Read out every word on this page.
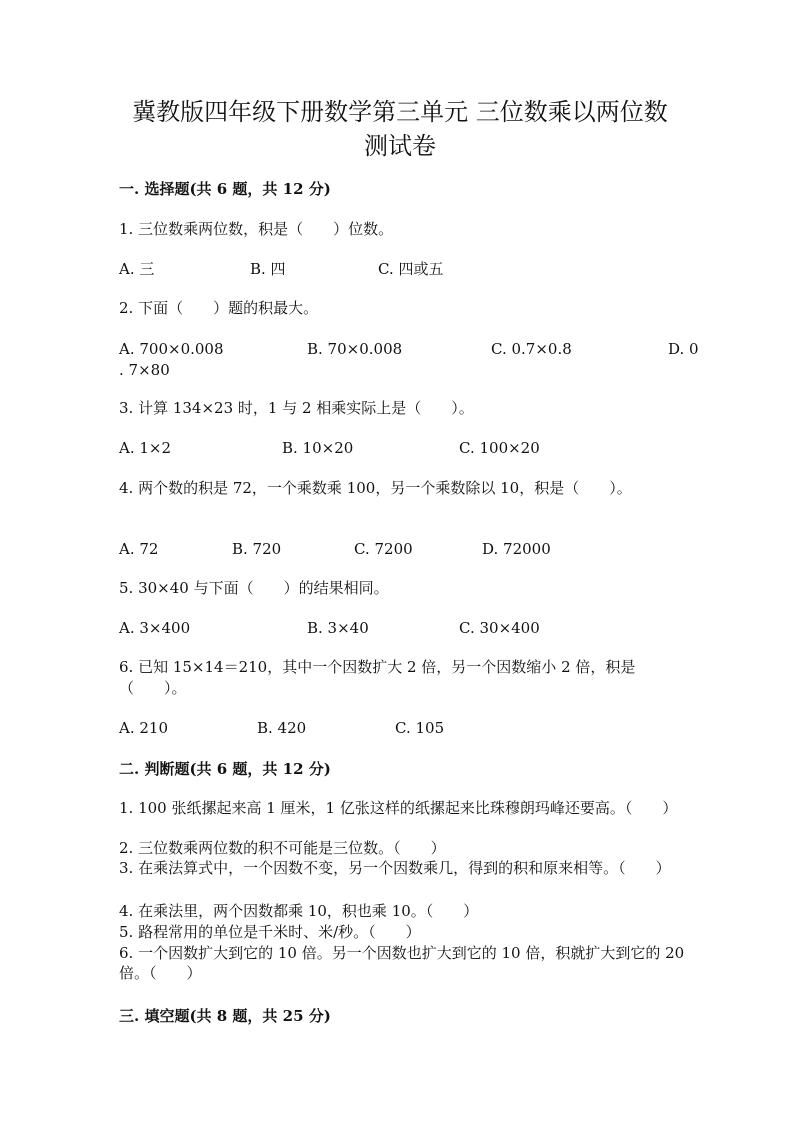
冀教版四年级下册数学第三单元 三位数乘以两位数
测试卷
一. 选择题(共 6 题，共 12 分)

1. 三位数乘两位数，积是（　　）位数。

A. 三	B. 四	C. 四或五

2. 下面（　　）题的积最大。

A. 700×0.008	B. 70×0.008	C. 0.7×0.8	D. 0
. 7×80

3. 计算 134×23 时，1 与 2 相乘实际上是（　　）。

A. 1×2	B. 10×20	C. 100×20

4. 两个数的积是 72，一个乘数乘 100，另一个乘数除以 10，积是（　　）。

A. 72	B. 720	C. 7200	D. 72000

5. 30×40 与下面（　　）的结果相同。

A. 3×400	B. 3×40	C. 30×400

6. 已知 15×14＝210，其中一个因数扩大 2 倍，另一个因数缩小 2 倍，积是（　　）。

A. 210	B. 420	C. 105
二. 判断题(共 6 题，共 12 分)

1. 100 张纸摞起来高 1 厘米，1 亿张这样的纸摞起来比珠穆朗玛峰还要高。（　　）

2. 三位数乘两位数的积不可能是三位数。（　　）

3. 在乘法算式中，一个因数不变，另一个因数乘几，得到的积和原来相等。（　　）

4. 在乘法里，两个因数都乘 10，积也乘 10。（　　）

5. 路程常用的单位是千米时、米/秒。（　　）

6. 一个因数扩大到它的 10 倍。另一个因数也扩大到它的 10 倍，积就扩大到它的 20 倍。（　　）

三. 填空题(共 8 题，共 25 分)
